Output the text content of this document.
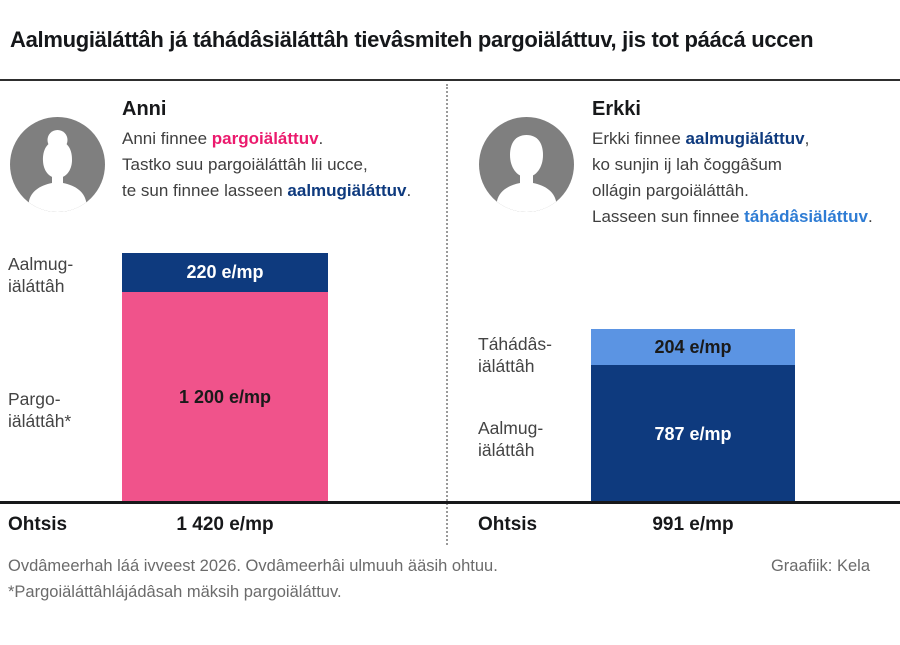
Aalmugiäláttâh já táhádâsiäláttâh tievâsmiteh pargoiäláttuv, jis tot páácá uccen
Anni
Anni finnee pargoiäláttuv.
Tastko suu pargoiäláttâh lii ucce,
te sun finnee lasseen aalmugiäláttuv.
Erkki
Erkki finnee aalmugiäláttuv,
ko sunjin ij lah čoggâšum
ollágin pargoiäláttâh.
Lasseen sun finnee táhádâsiäláttuv.
Aalmug-
iäláttâh
Pargo-
iäláttâh*
220 e/mp
1 200 e/mp
Táhádâs-
iäláttâh
Aalmug-
iäláttâh
204 e/mp
787 e/mp
Ohtsis	1 420 e/mp	Ohtsis	991 e/mp
Ovdâmeerhah láá ivveest 2026. Ovdâmeerhâi ulmuuh ääsih ohtuu.
*Pargoiäláttâhlájádâsah mäksih pargoiäláttuv.
Graafiik: Kela
